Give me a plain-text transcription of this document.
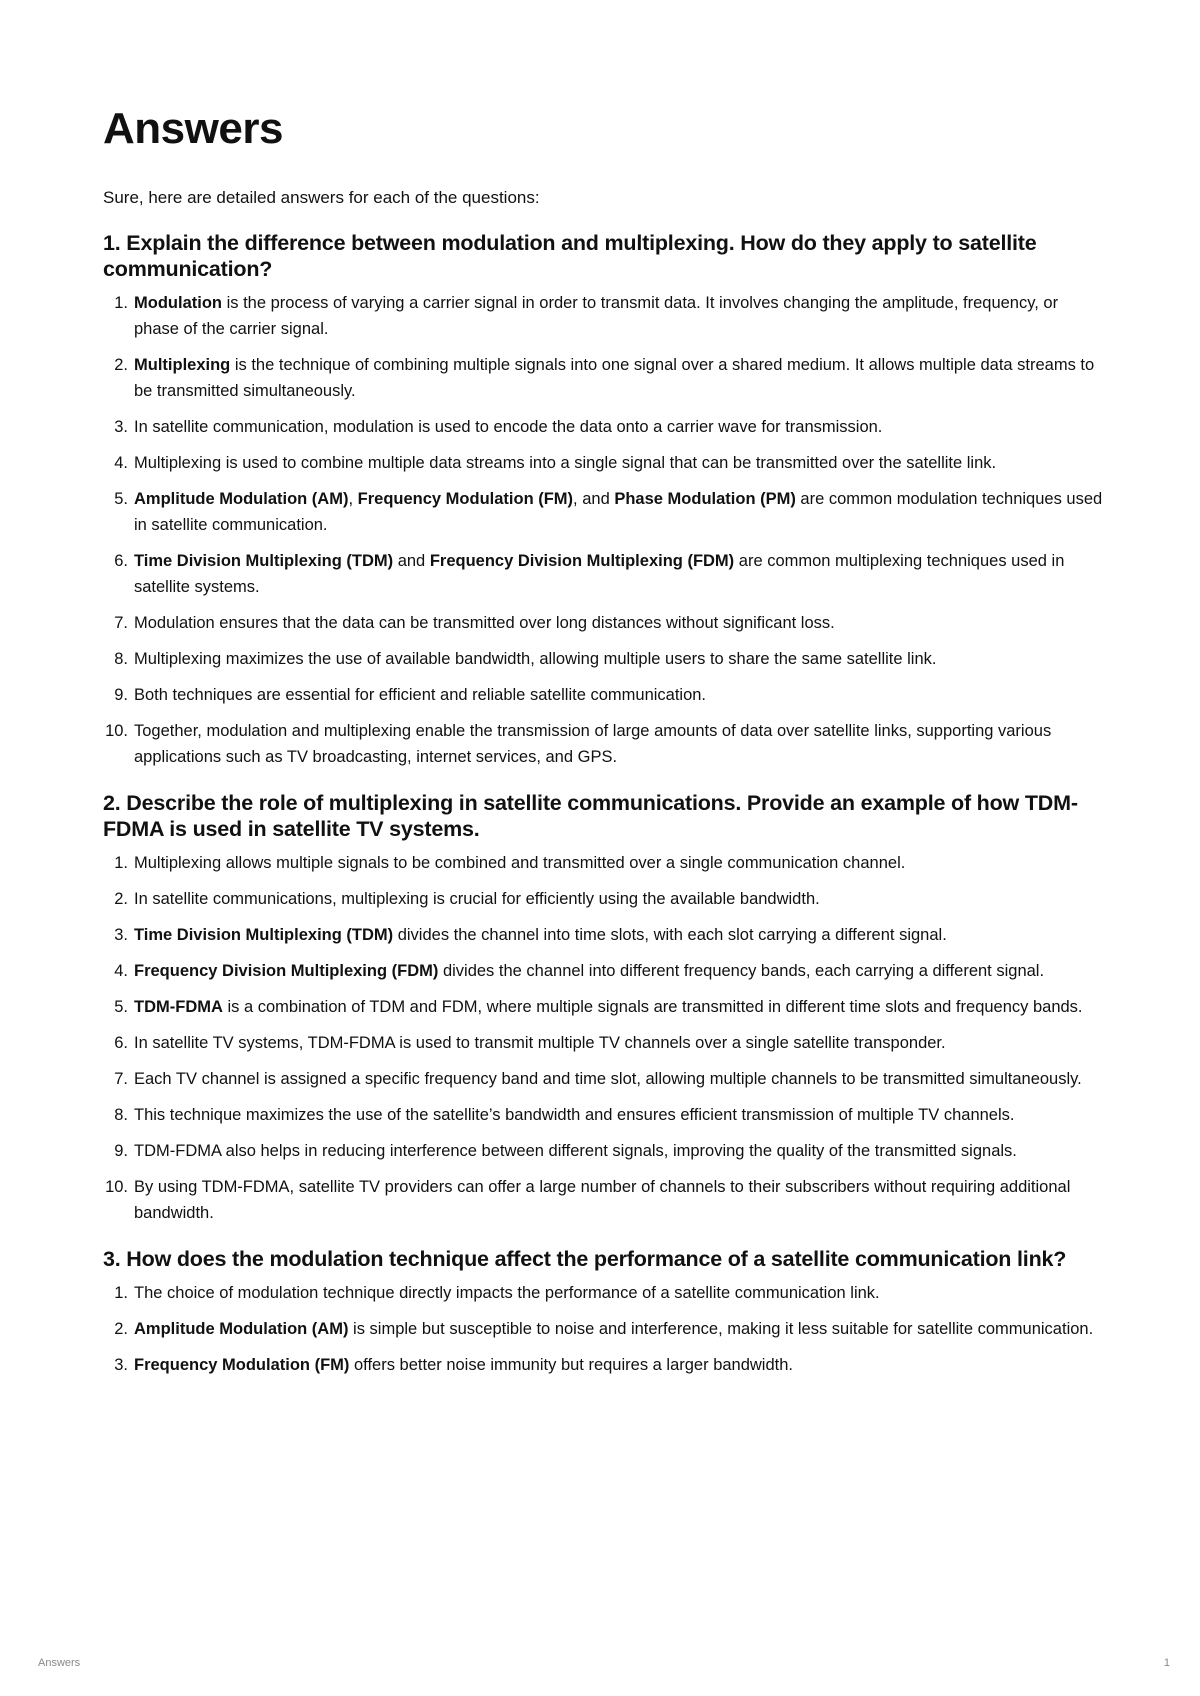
Answers

Sure, here are detailed answers for each of the questions:

1. Explain the difference between modulation and multiplexing. How do they apply to satellite communication?
1. Modulation is the process of varying a carrier signal in order to transmit data. It involves changing the amplitude, frequency, or phase of the carrier signal.
2. Multiplexing is the technique of combining multiple signals into one signal over a shared medium. It allows multiple data streams to be transmitted simultaneously.
3. In satellite communication, modulation is used to encode the data onto a carrier wave for transmission.
4. Multiplexing is used to combine multiple data streams into a single signal that can be transmitted over the satellite link.
5. Amplitude Modulation (AM), Frequency Modulation (FM), and Phase Modulation (PM) are common modulation techniques used in satellite communication.
6. Time Division Multiplexing (TDM) and Frequency Division Multiplexing (FDM) are common multiplexing techniques used in satellite systems.
7. Modulation ensures that the data can be transmitted over long distances without significant loss.
8. Multiplexing maximizes the use of available bandwidth, allowing multiple users to share the same satellite link.
9. Both techniques are essential for efficient and reliable satellite communication.
10. Together, modulation and multiplexing enable the transmission of large amounts of data over satellite links, supporting various applications such as TV broadcasting, internet services, and GPS.
2. Describe the role of multiplexing in satellite communications. Provide an example of how TDM-FDMA is used in satellite TV systems.
1. Multiplexing allows multiple signals to be combined and transmitted over a single communication channel.
2. In satellite communications, multiplexing is crucial for efficiently using the available bandwidth.
3. Time Division Multiplexing (TDM) divides the channel into time slots, with each slot carrying a different signal.
4. Frequency Division Multiplexing (FDM) divides the channel into different frequency bands, each carrying a different signal.
5. TDM-FDMA is a combination of TDM and FDM, where multiple signals are transmitted in different time slots and frequency bands.
6. In satellite TV systems, TDM-FDMA is used to transmit multiple TV channels over a single satellite transponder.
7. Each TV channel is assigned a specific frequency band and time slot, allowing multiple channels to be transmitted simultaneously.
8. This technique maximizes the use of the satellite’s bandwidth and ensures efficient transmission of multiple TV channels.
9. TDM-FDMA also helps in reducing interference between different signals, improving the quality of the transmitted signals.
10. By using TDM-FDMA, satellite TV providers can offer a large number of channels to their subscribers without requiring additional bandwidth.
3. How does the modulation technique affect the performance of a satellite communication link?
1. The choice of modulation technique directly impacts the performance of a satellite communication link.
2. Amplitude Modulation (AM) is simple but susceptible to noise and interference, making it less suitable for satellite communication.
3. Frequency Modulation (FM) offers better noise immunity but requires a larger bandwidth.
Answers	1
